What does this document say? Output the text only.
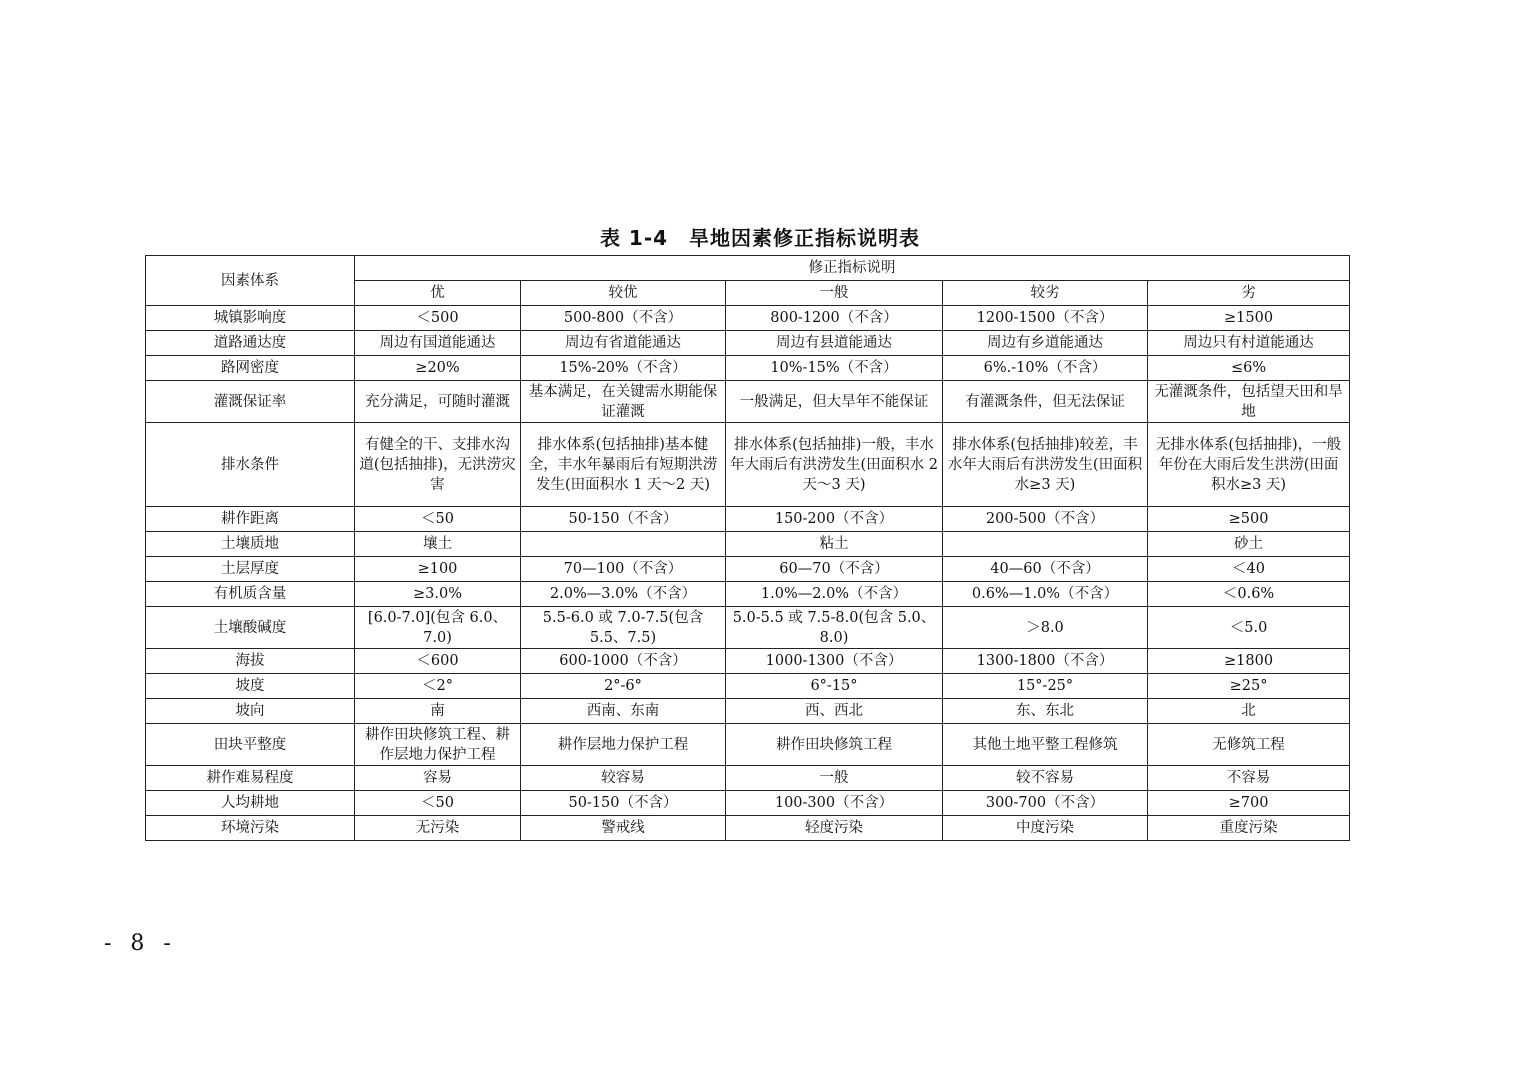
表 1-4　旱地因素修正指标说明表
因素体系	修正指标说明				
	优	较优	一般	较劣	劣
城镇影响度	＜500	500-800（不含）	800-1200（不含）	1200-1500（不含）	≥1500
道路通达度	周边有国道能通达	周边有省道能通达	周边有县道能通达	周边有乡道能通达	周边只有村道能通达
路网密度	≥20%	15%-20%（不含）	10%-15%（不含）	6%.-10%（不含）	≤6%
灌溉保证率	充分满足，可随时灌溉	基本满足，在关键需水期能保证灌溉	一般满足，但大旱年不能保证	有灌溉条件，但无法保证	无灌溉条件，包括望天田和旱地
排水条件	有健全的干、支排水沟道(包括抽排)，无洪涝灾害	排水体系(包括抽排)基本健全，丰水年暴雨后有短期洪涝发生(田面积水 1 天～2 天)	排水体系(包括抽排)一般，丰水年大雨后有洪涝发生(田面积水 2 天～3 天)	排水体系(包括抽排)较差，丰水年大雨后有洪涝发生(田面积水≥3 天)	无排水体系(包括抽排)，一般年份在大雨后发生洪涝(田面积水≥3 天)
耕作距离	＜50	50-150（不含）	150-200（不含）	200-500（不含）	≥500
土壤质地	壤土		粘土		砂土
土层厚度	≥100	70—100（不含）	60—70（不含）	40—60（不含）	＜40
有机质含量	≥3.0%	2.0%—3.0%（不含）	1.0%—2.0%（不含）	0.6%—1.0%（不含）	＜0.6%
土壤酸碱度	[6.0-7.0](包含 6.0、7.0)	5.5-6.0 或 7.0-7.5(包含 5.5、7.5)	5.0-5.5 或 7.5-8.0(包含 5.0、8.0)	＞8.0	＜5.0
海拔	＜600	600-1000（不含）	1000-1300（不含）	1300-1800（不含）	≥1800
坡度	＜2°	2°-6°	6°-15°	15°-25°	≥25°
坡向	南	西南、东南	西、西北	东、东北	北
田块平整度	耕作田块修筑工程、耕作层地力保护工程	耕作层地力保护工程	耕作田块修筑工程	其他土地平整工程修筑	无修筑工程
耕作难易程度	容易	较容易	一般	较不容易	不容易
人均耕地	＜50	50-150（不含）	100-300（不含）	300-700（不含）	≥700
环境污染	无污染	警戒线	轻度污染	中度污染	重度污染
- 8 -
